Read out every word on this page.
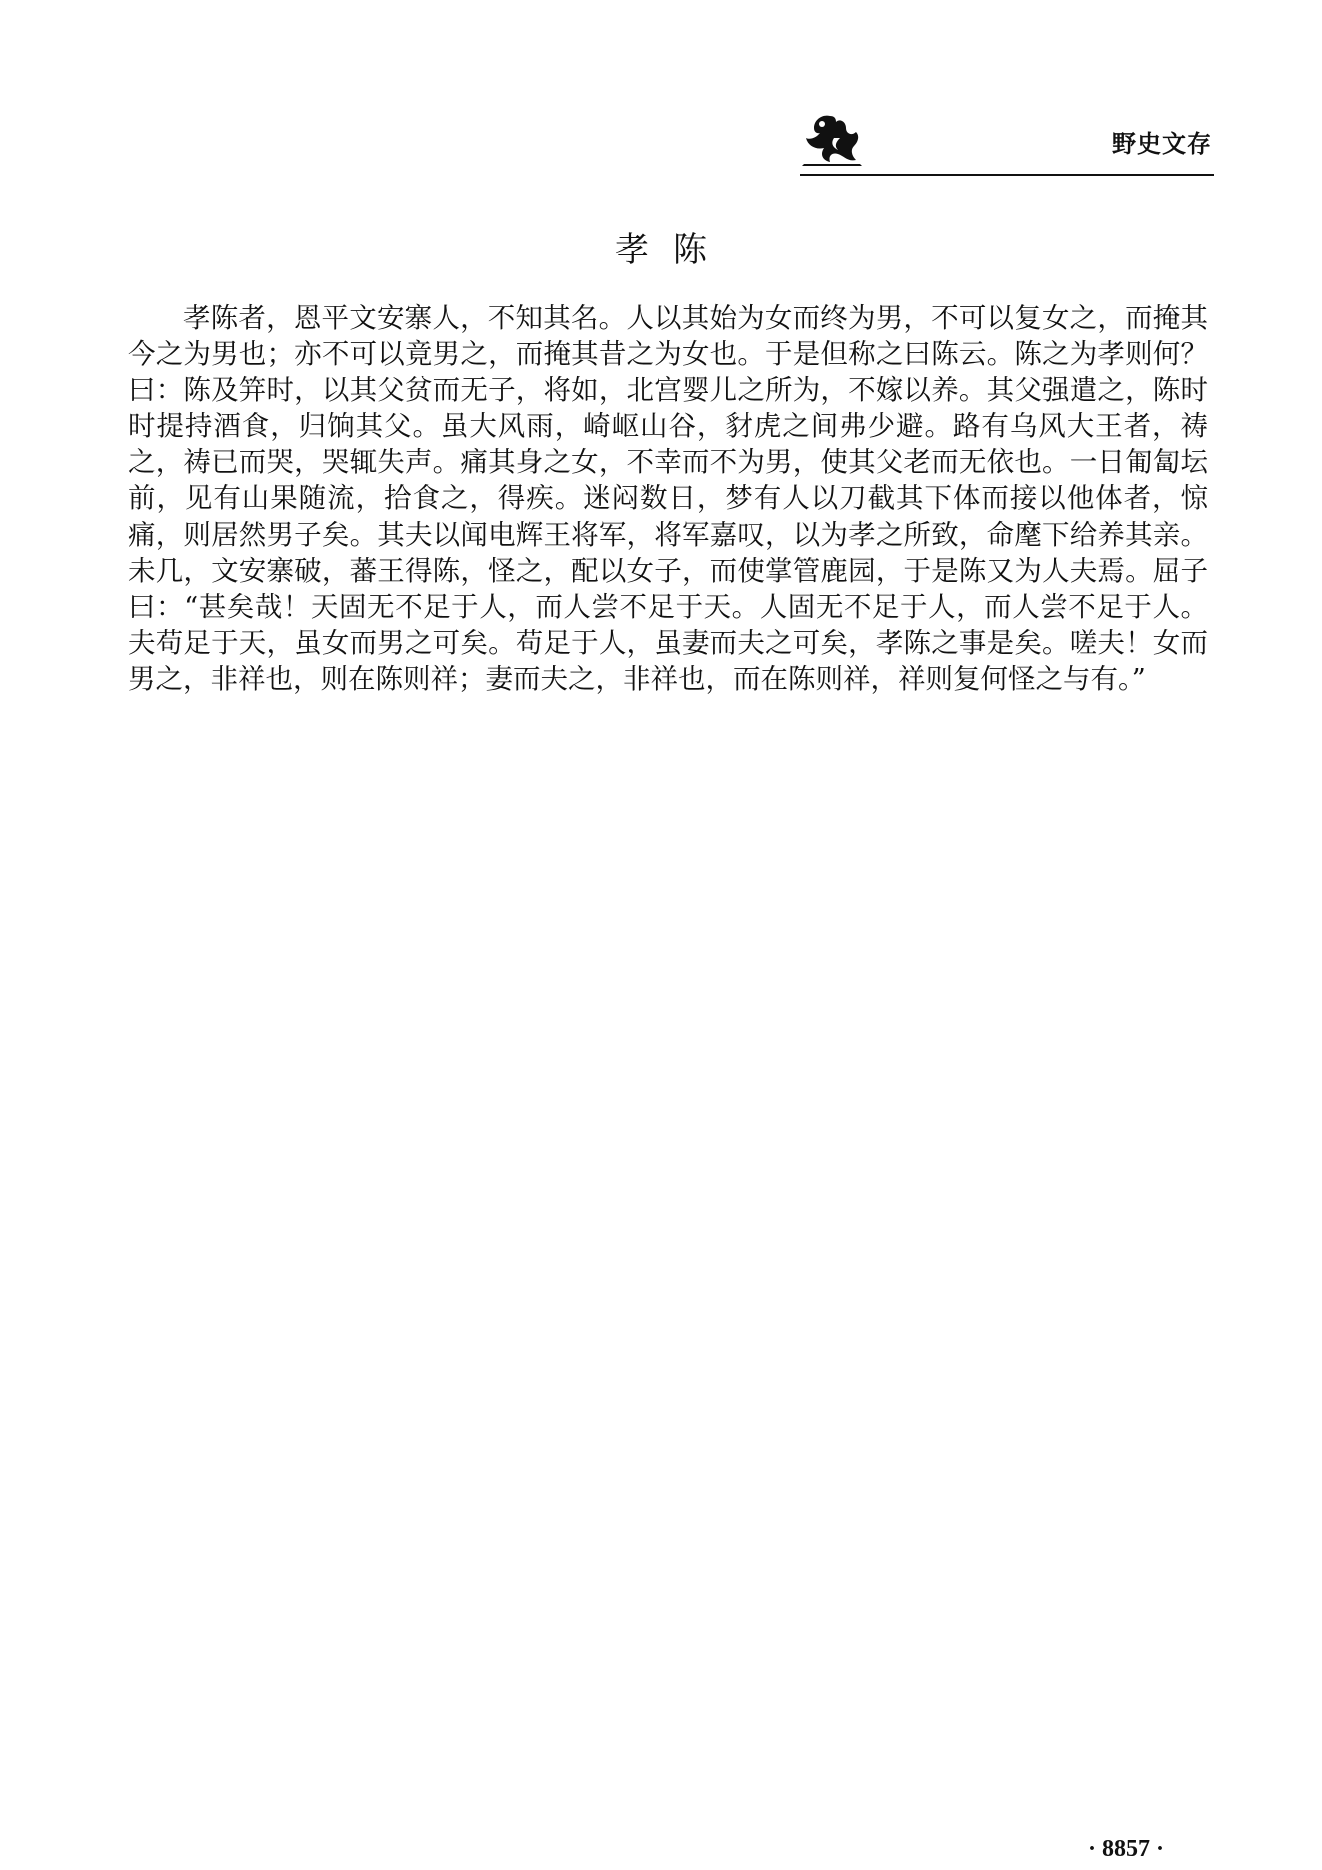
野史文存
孝陈

孝陈者，恩平文安寨人，不知其名。人以其始为女而终为男，不可以复女之，而掩其今之为男也；亦不可以竟男之，而掩其昔之为女也。于是但称之曰陈云。陈之为孝则何？曰：陈及笄时，以其父贫而无子，将如，北宫婴儿之所为，不嫁以养。其父强遣之，陈时时提持酒食，归饷其父。虽大风雨，崎岖山谷，豺虎之间弗少避。路有乌风大王者，祷之，祷已而哭，哭辄失声。痛其身之女，不幸而不为男，使其父老而无依也。一日匍匐坛前，见有山果随流，拾食之，得疾。迷闷数日，梦有人以刀截其下体而接以他体者，惊痛，则居然男子矣。其夫以闻电辉王将军，将军嘉叹，以为孝之所致，命麾下给养其亲。未几，文安寨破，蕃王得陈，怪之，配以女子，而使掌管鹿园，于是陈又为人夫焉。屈子曰：“甚矣哉！天固无不足于人，而人尝不足于天。人固无不足于人，而人尝不足于人。夫苟足于天，虽女而男之可矣。苟足于人，虽妻而夫之可矣，孝陈之事是矣。嗟夫！女而男之，非祥也，则在陈则祥；妻而夫之，非祥也，而在陈则祥，祥则复何怪之与有。”

· 8857 ·
